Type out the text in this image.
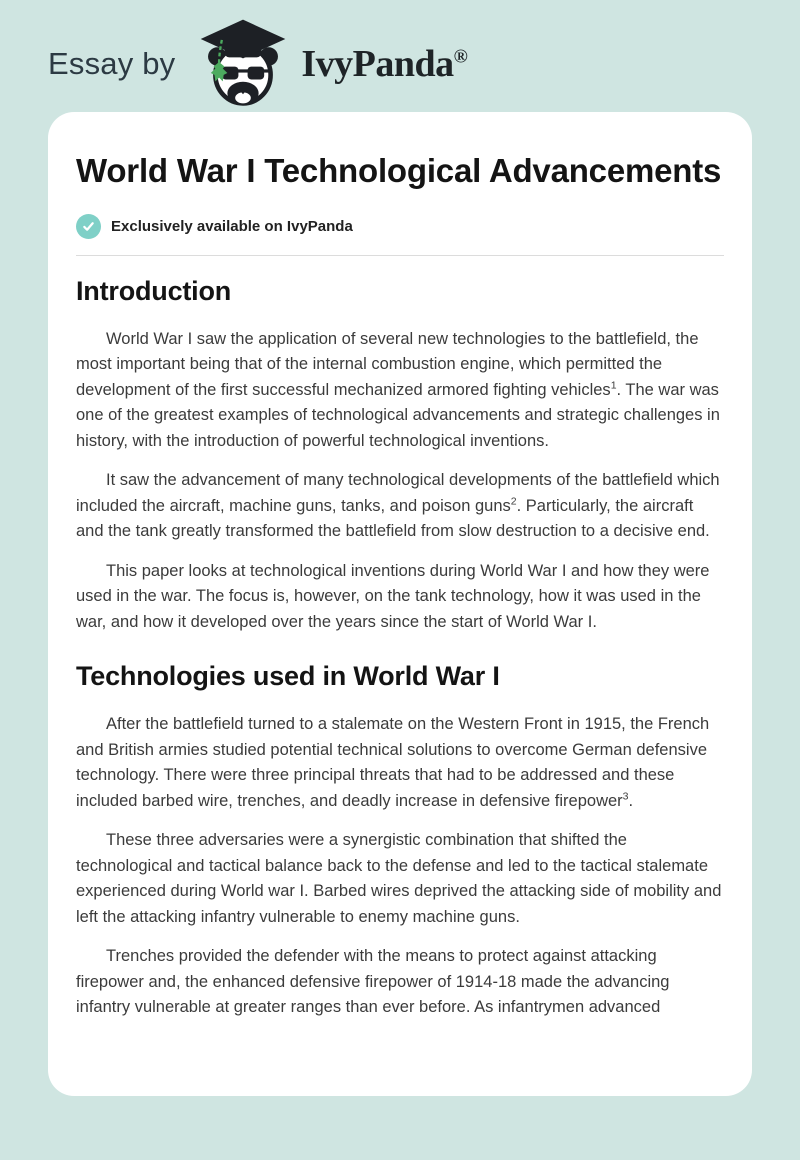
Essay by	IvyPanda®
World War I Technological Advancements
Exclusively available on IvyPanda
Introduction

World War I saw the application of several new technologies to the battlefield, the most important being that of the internal combustion engine, which permitted the development of the first successful mechanized armored fighting vehicles$^1$. The war was one of the greatest examples of technological advancements and strategic challenges in history, with the introduction of powerful technological inventions.

It saw the advancement of many technological developments of the battlefield which included the aircraft, machine guns, tanks, and poison guns$^2$. Particularly, the aircraft and the tank greatly transformed the battlefield from slow destruction to a decisive end.

This paper looks at technological inventions during World War I and how they were used in the war. The focus is, however, on the tank technology, how it was used in the war, and how it developed over the years since the start of World War I.

Technologies used in World War I

After the battlefield turned to a stalemate on the Western Front in 1915, the French and British armies studied potential technical solutions to overcome German defensive technology. There were three principal threats that had to be addressed and these included barbed wire, trenches, and deadly increase in defensive firepower$^3$.

These three adversaries were a synergistic combination that shifted the technological and tactical balance back to the defense and led to the tactical stalemate experienced during World war I. Barbed wires deprived the attacking side of mobility and left the attacking infantry vulnerable to enemy machine guns.

Trenches provided the defender with the means to protect against attacking firepower and, the enhanced defensive firepower of 1914-18 made the advancing infantry vulnerable at greater ranges than ever before. As infantrymen advanced
